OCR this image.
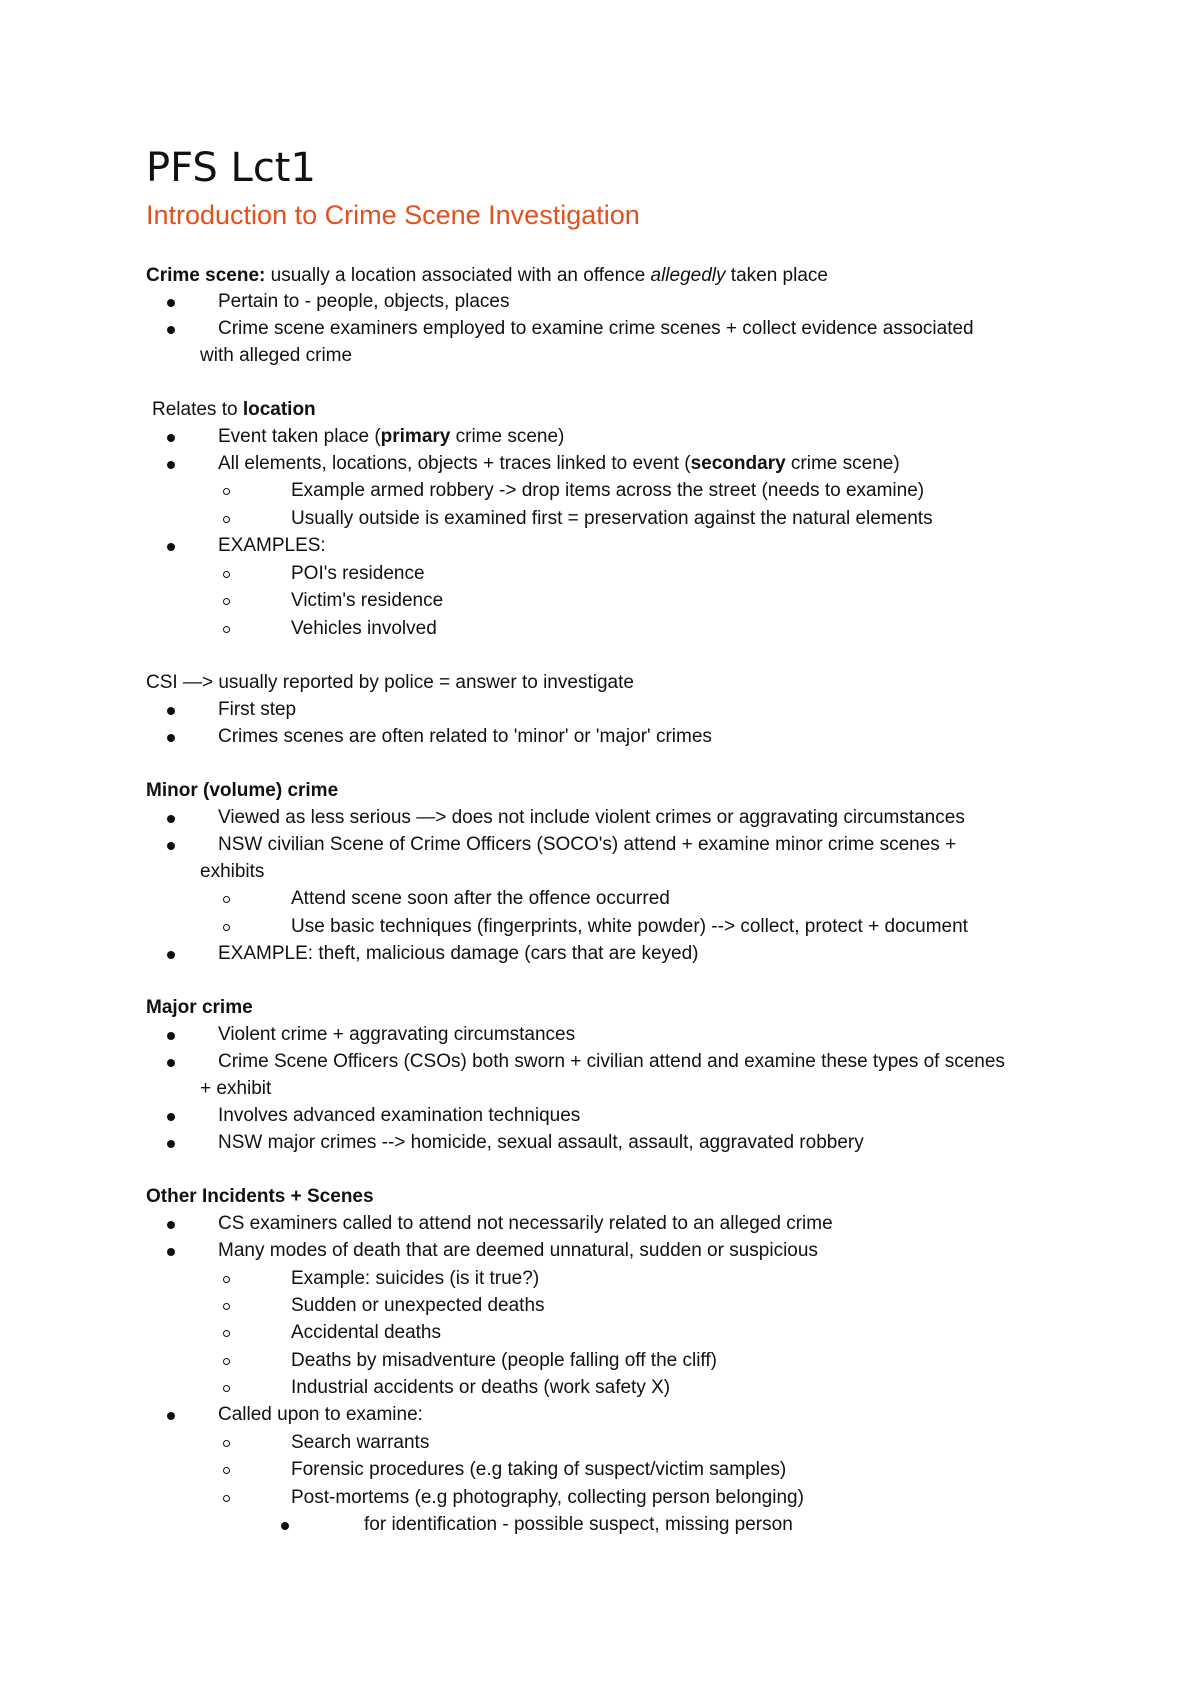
PFS Lct1
Introduction to Crime Scene Investigation
Crime scene: usually a location associated with an offence allegedly taken place
Pertain to - people, objects, places
Crime scene examiners employed to examine crime scenes + collect evidence associated
with alleged crime
Relates to location
Event taken place (primary crime scene)
All elements, locations, objects + traces linked to event (secondary crime scene)
Example armed robbery -> drop items across the street (needs to examine)
Usually outside is examined first = preservation against the natural elements
EXAMPLES:
POI's residence
Victim's residence
Vehicles involved
CSI —> usually reported by police = answer to investigate
First step
Crimes scenes are often related to 'minor' or 'major' crimes
Minor (volume) crime
Viewed as less serious —> does not include violent crimes or aggravating circumstances
NSW civilian Scene of Crime Officers (SOCO's) attend + examine minor crime scenes +
exhibits
Attend scene soon after the offence occurred
Use basic techniques (fingerprints, white powder) --> collect, protect + document
EXAMPLE: theft, malicious damage (cars that are keyed)
Major crime
Violent crime + aggravating circumstances
Crime Scene Officers (CSOs) both sworn + civilian attend and examine these types of scenes
+ exhibit
Involves advanced examination techniques
NSW major crimes --> homicide, sexual assault, assault, aggravated robbery
Other Incidents + Scenes
CS examiners called to attend not necessarily related to an alleged crime
Many modes of death that are deemed unnatural, sudden or suspicious
Example: suicides (is it true?)
Sudden or unexpected deaths
Accidental deaths
Deaths by misadventure (people falling off the cliff)
Industrial accidents or deaths (work safety X)
Called upon to examine:
Search warrants
Forensic procedures (e.g taking of suspect/victim samples)
Post-mortems (e.g photography, collecting person belonging)
for identification - possible suspect, missing person
